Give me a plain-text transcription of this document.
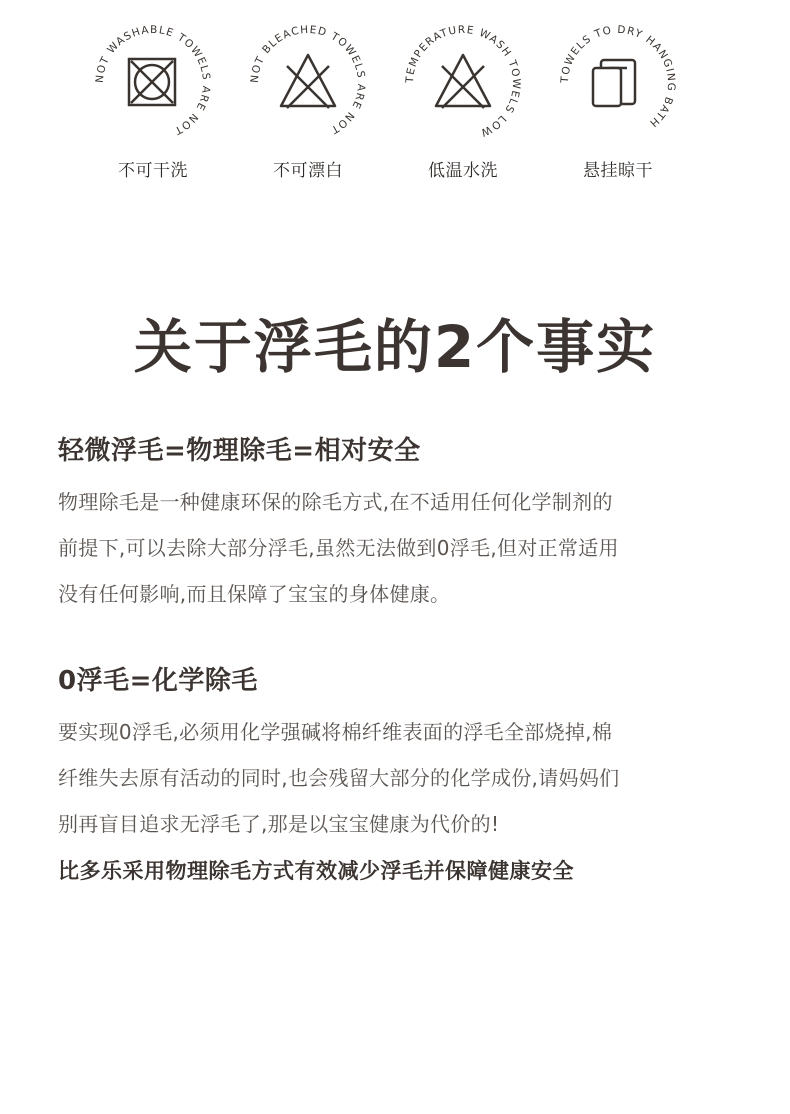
NOT WASHABLE TOWELS ARE NOT
不可干洗
NOT BLEACHED TOWELS ARE NOT
不可漂白
TEMPERATURE WASH TOWELS LOW
低温水洗
TOWELS TO DRY HANGING BATH
悬挂晾干
关于浮毛的2个事实
轻微浮毛=物理除毛=相对安全

物理除毛是一种健康环保的除毛方式,在不适用任何化学制剂的
前提下,可以去除大部分浮毛,虽然无法做到0浮毛,但对正常适用
没有任何影响,而且保障了宝宝的身体健康。

0浮毛=化学除毛

要实现0浮毛,必须用化学强碱将棉纤维表面的浮毛全部烧掉,棉
纤维失去原有活动的同时,也会残留大部分的化学成份,请妈妈们
别再盲目追求无浮毛了,那是以宝宝健康为代价的!

比多乐采用物理除毛方式有效减少浮毛并保障健康安全
